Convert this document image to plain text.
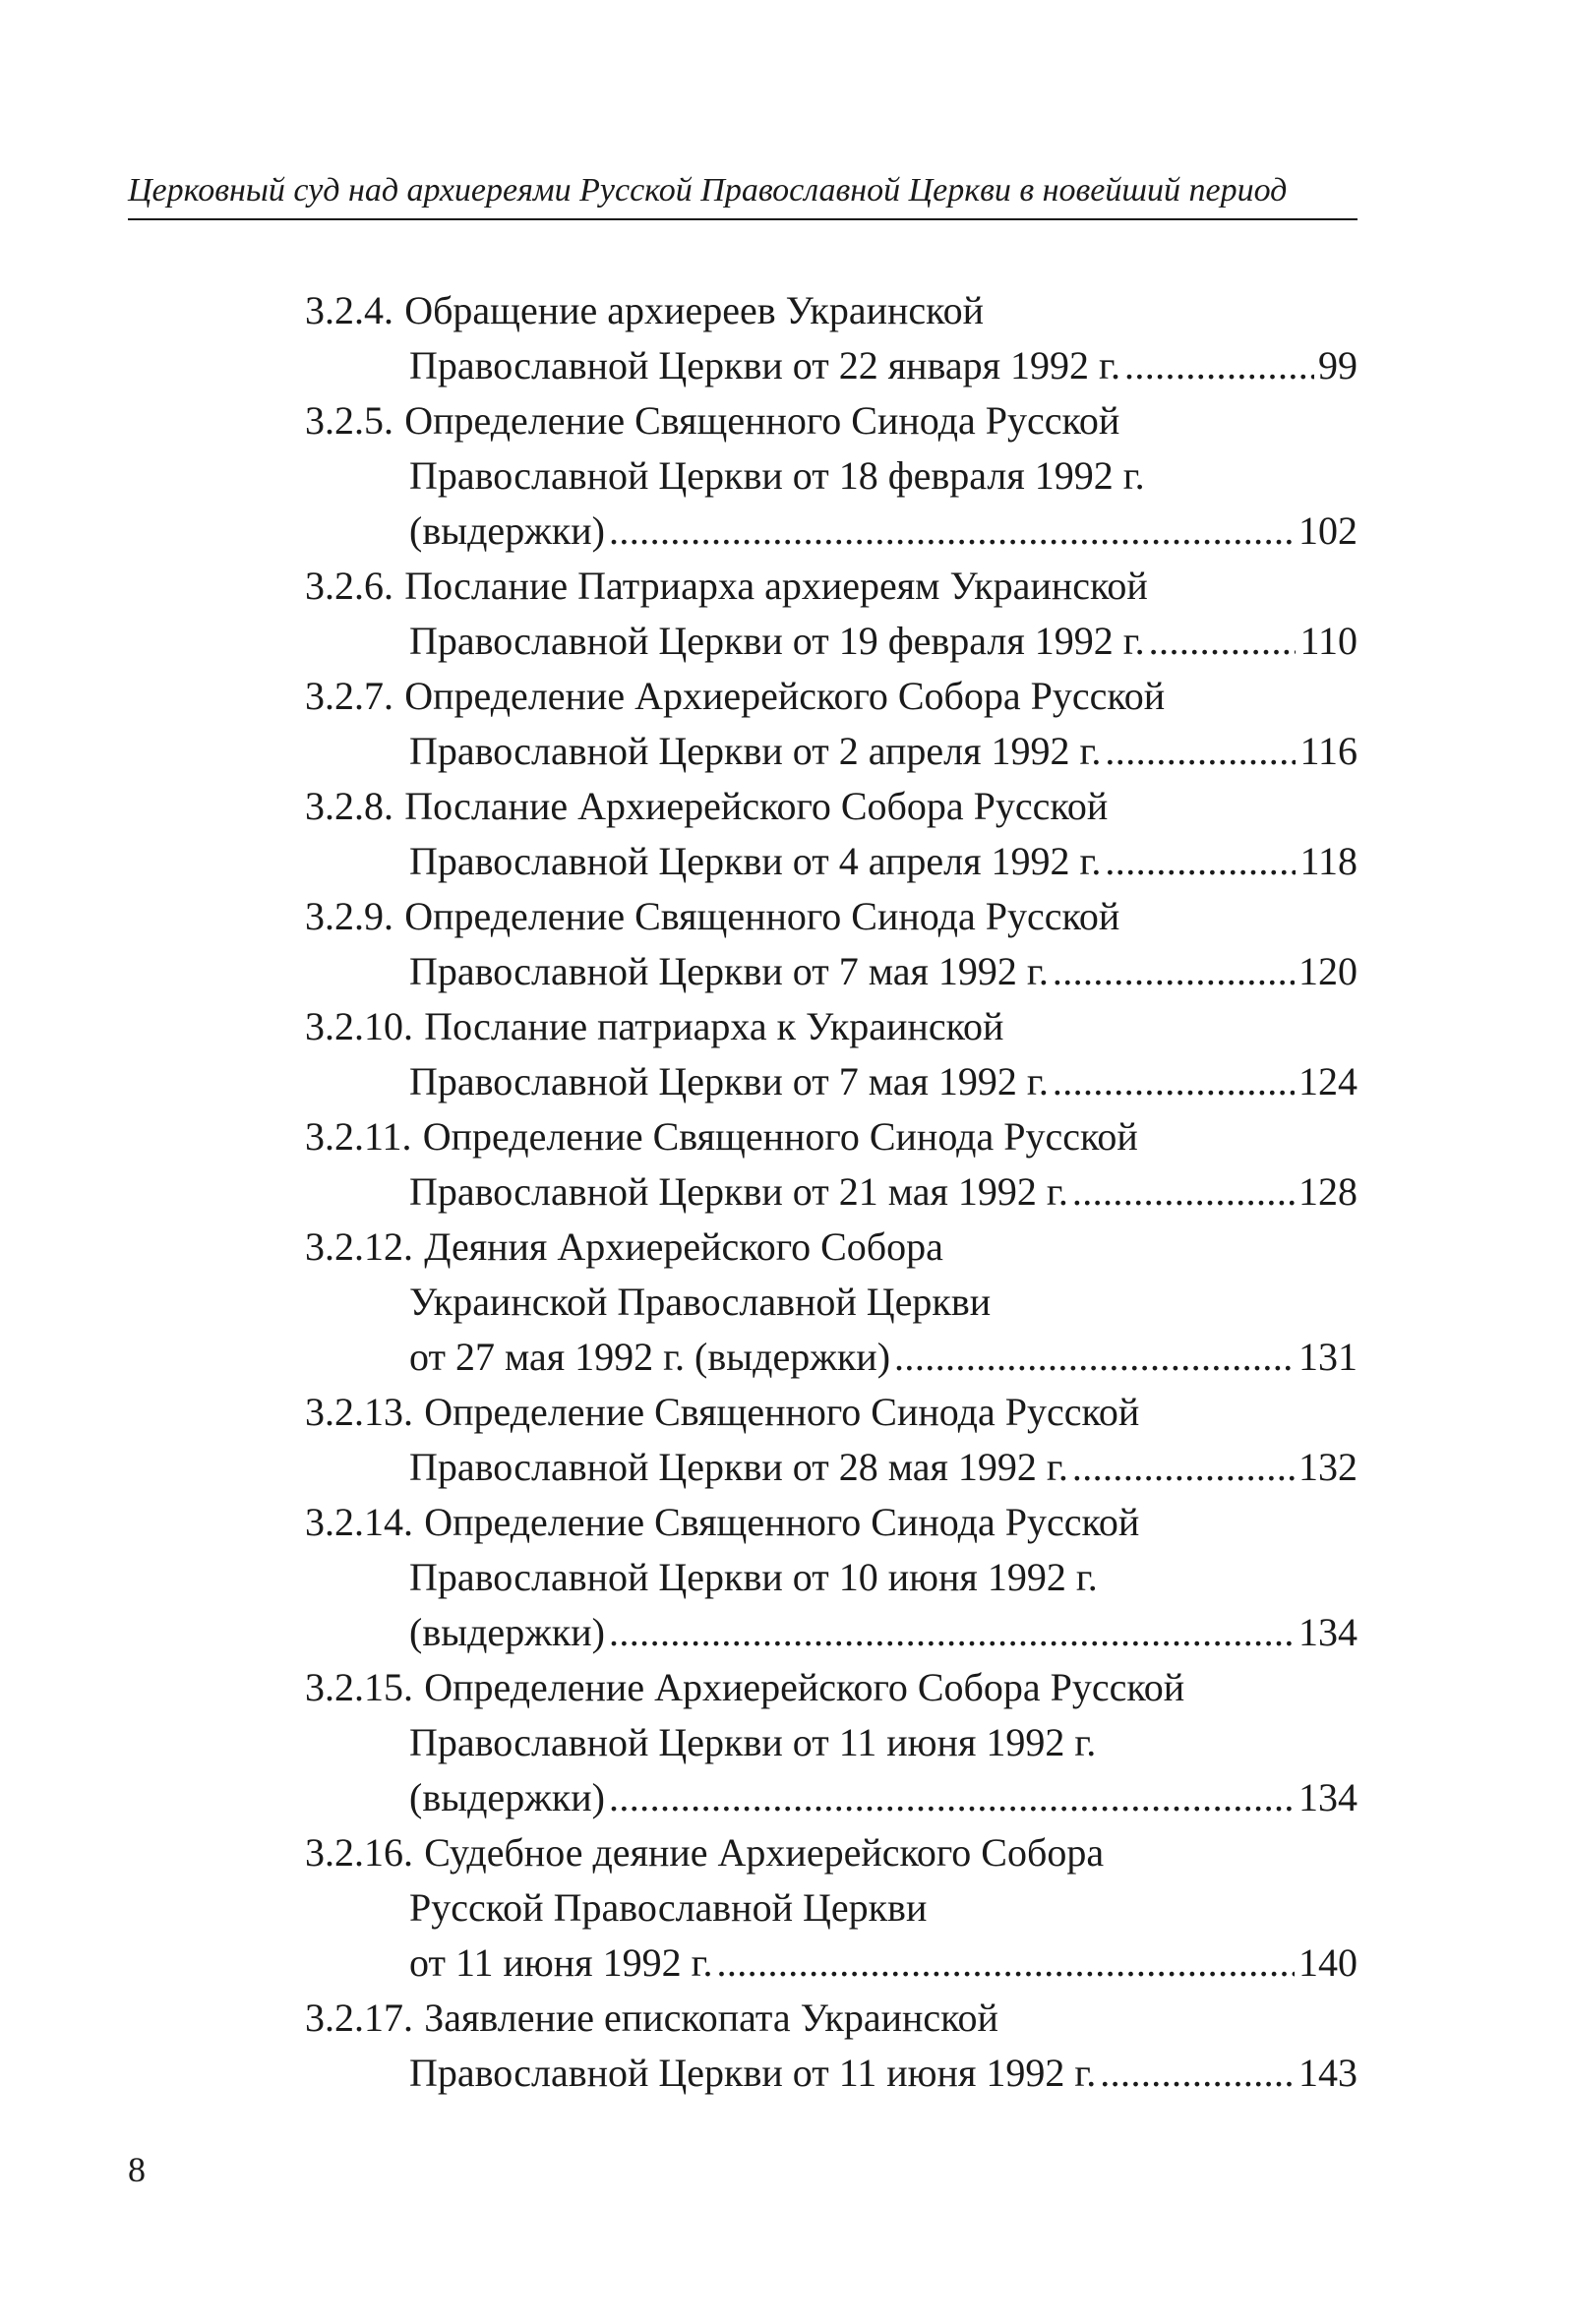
Церковный суд над архиереями Русской Православной Церкви в новейший период
3.2.4. Обращение архиереев Украинской
Православной Церкви от 22 января 1992 г. . . .	99
3.2.5. Определение Священного Синода Русской
Православной Церкви от 18 февраля 1992 г.
(выдержки) . . .	102
3.2.6. Послание Патриарха архиереям Украинской
Православной Церкви от 19 февраля 1992 г. . . .	110
3.2.7. Определение Архиерейского Собора Русской
Православной Церкви от 2 апреля 1992 г. . . .	116
3.2.8. Послание Архиерейского Собора Русской
Православной Церкви от 4 апреля 1992 г. . . .	118
3.2.9. Определение Священного Синода Русской
Православной Церкви от 7 мая 1992 г. . . .	120
3.2.10. Послание патриарха к Украинской
Православной Церкви от 7 мая 1992 г. . . .	124
3.2.11. Определение Священного Синода Русской
Православной Церкви от 21 мая 1992 г. . . .	128
3.2.12. Деяния Архиерейского Собора
Украинской Православной Церкви
от 27 мая 1992 г. (выдержки) . . .	131
3.2.13. Определение Священного Синода Русской
Православной Церкви от 28 мая 1992 г. . . .	132
3.2.14. Определение Священного Синода Русской
Православной Церкви от 10 июня 1992 г.
(выдержки) . . .	134
3.2.15. Определение Архиерейского Собора Русской
Православной Церкви от 11 июня 1992 г.
(выдержки) . . .	134
3.2.16. Судебное деяние Архиерейского Собора
Русской Православной Церкви
от 11 июня 1992 г. . . .	140
3.2.17. Заявление епископата Украинской
Православной Церкви от 11 июня 1992 г. . . .	143
8
